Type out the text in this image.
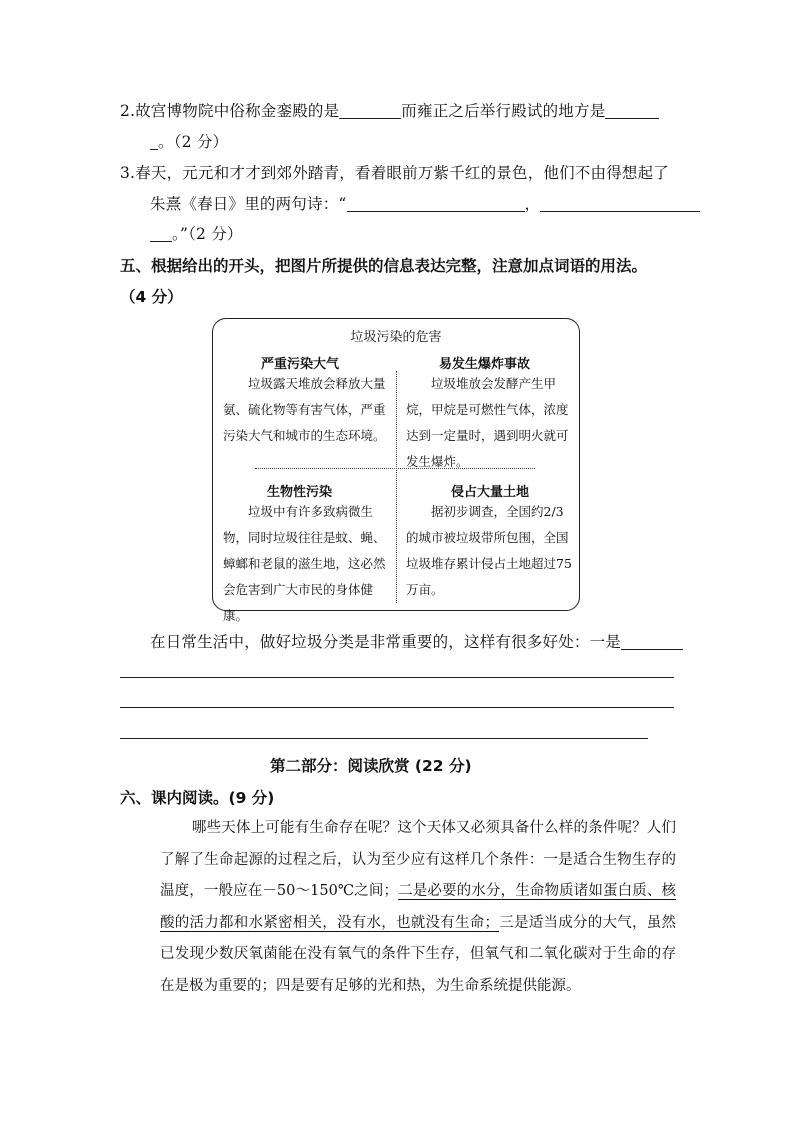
2.故宫博物院中俗称金銮殿的是	而雍正之后举行殿试的地方是
。（2 分）
3.春天，元元和才才到郊外踏青，看着眼前万紫千红的景色，他们不由得想起了
朱熹《春日》里的两句诗：“	，
。”（2 分）
五、根据给出的开头，把图片所提供的信息表达完整，注意加点词语的用法。
（4 分）
垃圾污染的危害
严重污染大气
垃圾露天堆放会释放大量氨、硫化物等有害气体，严重污染大气和城市的生态环境。
易发生爆炸事故
垃圾堆放会发酵产生甲烷，甲烷是可燃性气体，浓度达到一定量时，遇到明火就可发生爆炸。
生物性污染
垃圾中有许多致病微生物，同时垃圾往往是蚊、蝇、蟑螂和老鼠的滋生地，这必然会危害到广大市民的身体健康。
侵占大量土地
据初步调查，全国约2/3的城市被垃圾带所包围，全国垃圾堆存累计侵占土地超过75万亩。
在日常生活中，做好垃圾分类是非常重要的，这样有很多好处：一是
第二部分：阅读欣赏 (22 分)
六、课内阅读。(9 分)
哪些天体上可能有生命存在呢？这个天体又必须具备什么样的条件呢？人们了解了生命起源的过程之后，认为至少应有这样几个条件：一是适合生物生存的温度，一般应在－50～150℃之间；二是必要的水分，生命物质诸如蛋白质、核酸的活力都和水紧密相关，没有水，也就没有生命；三是适当成分的大气，虽然已发现少数厌氧菌能在没有氧气的条件下生存，但氧气和二氧化碳对于生命的存在是极为重要的；四是要有足够的光和热，为生命系统提供能源。
